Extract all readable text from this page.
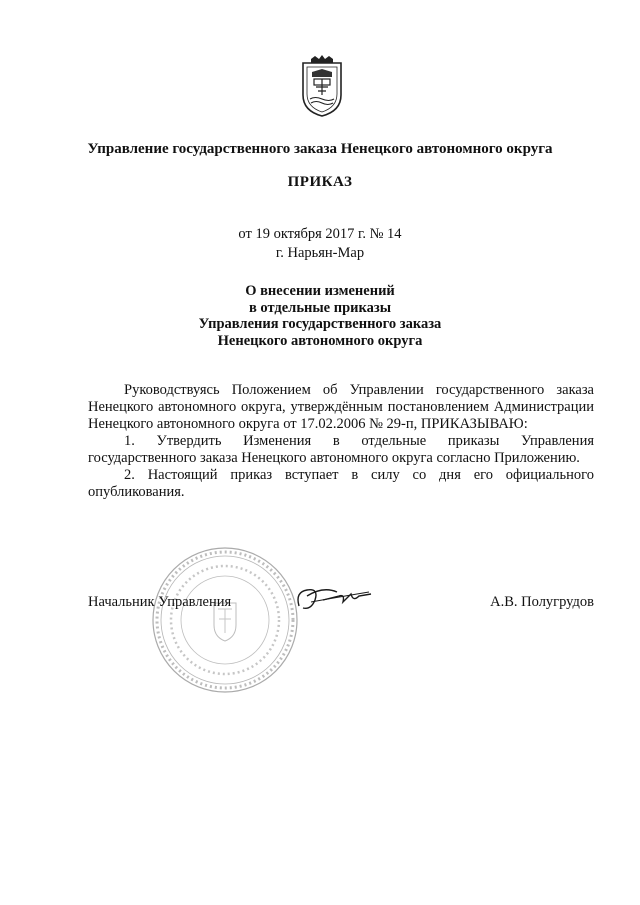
Управление государственного заказа Ненецкого автономного округа
ПРИКАЗ
от 19 октября 2017 г. № 14
г. Нарьян-Мар
О внесении изменений
в отдельные приказы
Управления государственного заказа
Ненецкого автономного округа

Руководствуясь Положением об Управлении государственного заказа Ненецкого автономного округа, утверждённым постановлением Администрации Ненецкого автономного округа от 17.02.2006 № 29-п, ПРИКАЗЫВАЮ:

1. Утвердить Изменения в отдельные приказы Управления государственного заказа Ненецкого автономного округа согласно Приложению.

2. Настоящий приказ вступает в силу со дня его официального опубликования.

Начальник Управления	А.В. Полугрудов
